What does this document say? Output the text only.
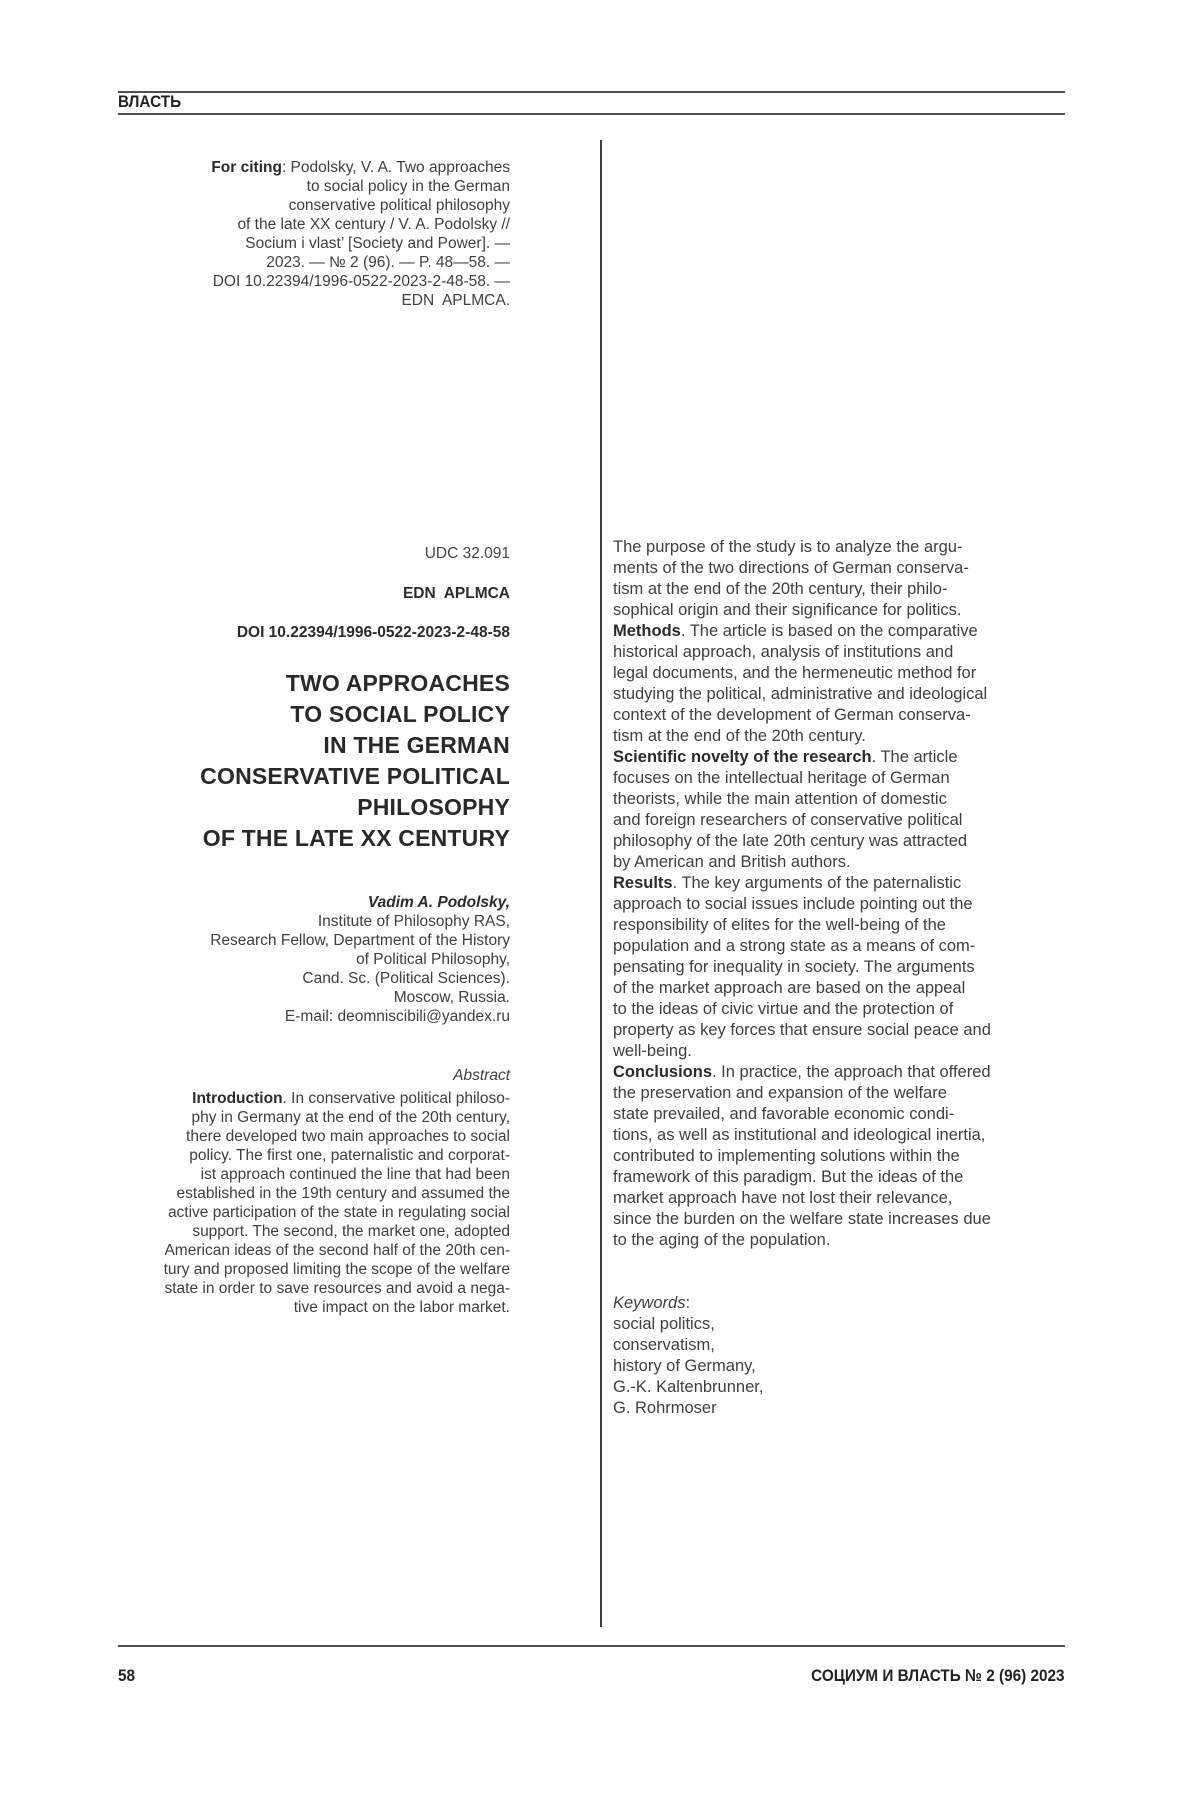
ВЛАСТЬ
For citing: Podolsky, V. A. Two approaches
to social policy in the German
conservative political philosophy
of the late XX century / V. A. Podolsky //
Socium i vlast’ [Society and Power]. —
2023. — № 2 (96). — P. 48—58. —
DOI 10.22394/1996-0522-2023-2-48-58. —
EDN  APLMCA.
UDC 32.091
EDN  APLMCA
DOI 10.22394/1996-0522-2023-2-48-58
TWO APPROACHES
TO SOCIAL POLICY
IN THE GERMAN
CONSERVATIVE POLITICAL
PHILOSOPHY
OF THE LATE XX CENTURY
Vadim A. Podolsky,
Institute of Philosophy RAS,
Research Fellow, Department of the History
of Political Philosophy,
Cand. Sc. (Political Sciences).
Moscow, Russia.
E-mail: deomniscibili@yandex.ru
Abstract
Introduction. In conservative political philoso-
phy in Germany at the end of the 20th century,
there developed two main approaches to social
policy. The first one, paternalistic and corporat-
ist approach continued the line that had been
established in the 19th century and assumed the
active participation of the state in regulating social
support. The second, the market one, adopted
American ideas of the second half of the 20th cen-
tury and proposed limiting the scope of the welfare
state in order to save resources and avoid a nega-
tive impact on the labor market.
The purpose of the study is to analyze the argu-
ments of the two directions of German conserva-
tism at the end of the 20th century, their philo-
sophical origin and their significance for politics.
Methods. The article is based on the comparative
historical approach, analysis of institutions and
legal documents, and the hermeneutic method for
studying the political, administrative and ideological
context of the development of German conserva-
tism at the end of the 20th century.
Scientific novelty of the research. The article
focuses on the intellectual heritage of German
theorists, while the main attention of domestic
and foreign researchers of conservative political
philosophy of the late 20th century was attracted
by American and British authors.
Results. The key arguments of the paternalistic
approach to social issues include pointing out the
responsibility of elites for the well-being of the
population and a strong state as a means of com-
pensating for inequality in society. The arguments
of the market approach are based on the appeal
to the ideas of civic virtue and the protection of
property as key forces that ensure social peace and
well-being.
Conclusions. In practice, the approach that offered
the preservation and expansion of the welfare
state prevailed, and favorable economic condi-
tions, as well as institutional and ideological inertia,
contributed to implementing solutions within the
framework of this paradigm. But the ideas of the
market approach have not lost their relevance,
since the burden on the welfare state increases due
to the aging of the population.
Keywords:
social politics,
conservatism,
history of Germany,
G.-K. Kaltenbrunner,
G. Rohrmoser
58	СОЦИУМ И ВЛАСТЬ № 2 (96) 2023
